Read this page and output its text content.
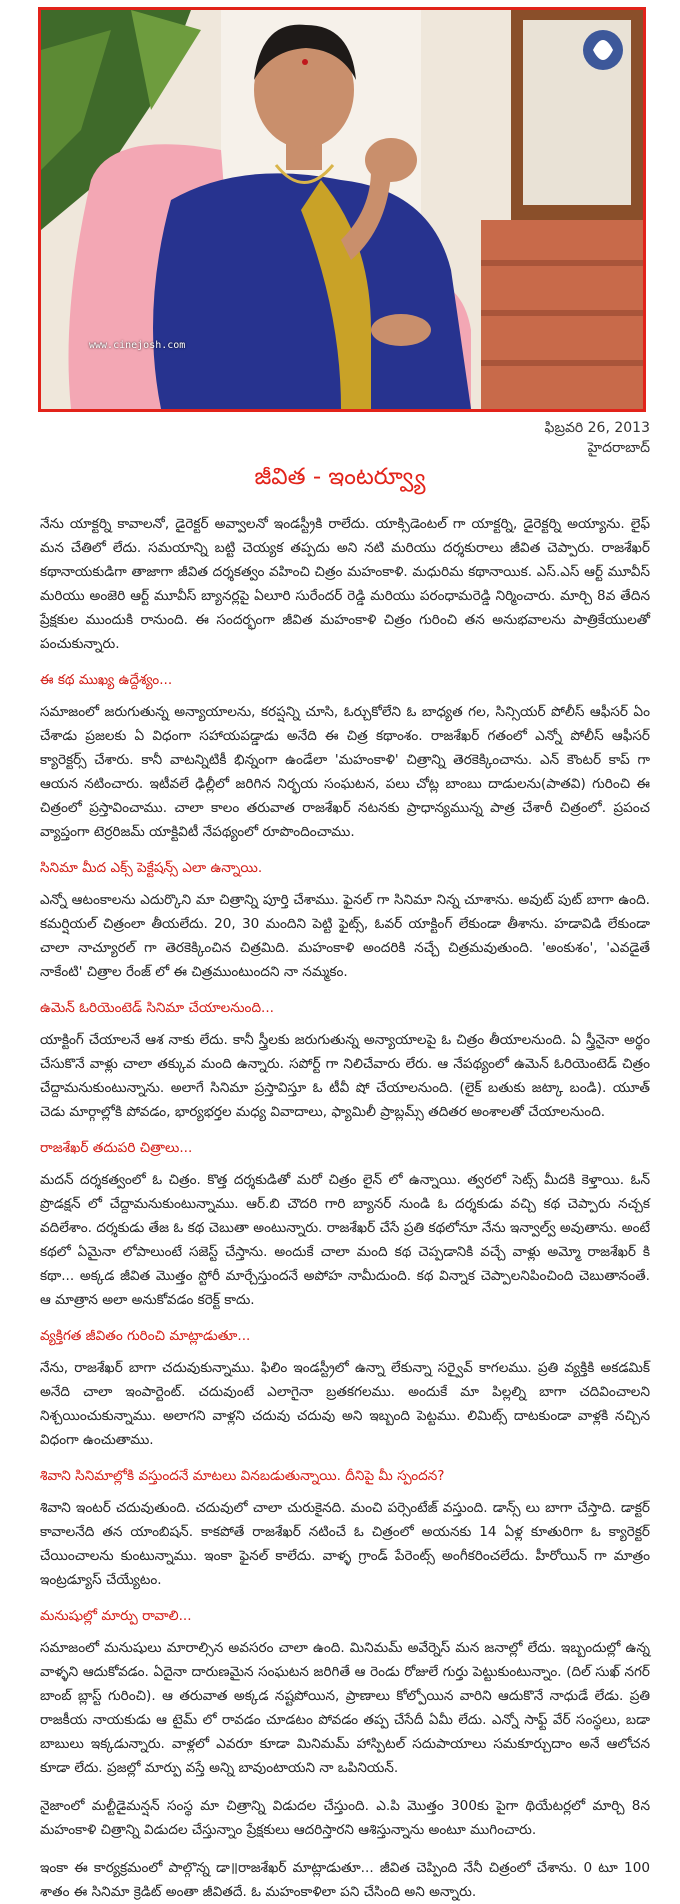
www.cinejosh.com
ఫిబ్రవరి 26, 2013
హైదరాబాద్
జీవిత - ఇంటర్వ్యూ

నేను యాక్టర్ని కావాలనో, డైరెక్టర్ అవ్వాలనో ఇండస్ట్రీకి రాలేదు. యాక్సిడెంటల్ గా యాక్టర్ని, డైరెక్టర్ని అయ్యాను. లైఫ్ మన చేతిలో లేదు. సమయాన్ని బట్టి చెయ్యక తప్పదు అని నటి మరియు దర్శకురాలు జీవిత చెప్పారు. రాజశేఖర్ కథానాయకుడిగా తాజాగా జీవిత దర్శకత్వం వహించి చిత్రం మహంకాళి. మధురిమ కథానాయిక. ఎస్.ఎస్ ఆర్ట్ మూవీస్ మరియు అంజెరి ఆర్ట్ మూవీస్ బ్యానర్లపై ఏలూరి సురేందర్ రెడ్డి మరియు పరంధామరెడ్డి నిర్మించారు. మార్చి 8వ తేదిన ప్రేక్షకుల ముందుకి రానుంది. ఈ సందర్భంగా జీవిత మహంకాళి చిత్రం గురించి తన అనుభవాలను పాత్రికేయులతో పంచుకున్నారు.

ఈ కథ ముఖ్య ఉద్దేశ్యం...

సమాజంలో జరుగుతున్న అన్యాయాలను, కరప్షన్ని చూసి, ఓర్చుకోలేని ఓ బాధ్యత గల, సిన్సియర్ పోలీస్ ఆఫీసర్ ఏం చేశాడు ప్రజలకు ఏ విధంగా సహాయపడ్డాడు అనేది ఈ చిత్ర కథాంశం. రాజశేఖర్ గతంలో ఎన్నో పోలీస్ ఆఫీసర్ క్యారెక్టర్స్ చేశారు. కానీ వాటన్నిటికీ భిన్నంగా ఉండేలా 'మహంకాళి' చిత్రాన్ని తెరకెక్కించాను. ఎన్ కౌంటర్ కాప్ గా ఆయన నటించారు. ఇటీవలే ఢిల్లీలో జరిగిన నిర్భయ సంఘటన, పలు చోట్ల బాంబు దాడులను(పాతవి) గురించి ఈ చిత్రంలో ప్రస్తావించాము. చాలా కాలం తరువాత రాజశేఖర్ నటనకు ప్రాధాన్యమున్న పాత్ర చేశారీ చిత్రంలో. ప్రపంచ వ్యాప్తంగా టెర్రరిజమ్ యాక్టివిటీ నేపథ్యంలో రూపొందించాము.

సినిమా మీద ఎక్స్ పెక్టేషన్స్ ఎలా ఉన్నాయి.

ఎన్నో ఆటంకాలను ఎదుర్కొని మా చిత్రాన్ని పూర్తి చేశాము. ఫైనల్ గా సినిమా నిన్న చూశాను. అవుట్ పుట్ బాగా ఉంది. కమర్షియల్ చిత్రంలా తీయలేదు. 20, 30 మందిని పెట్టి ఫైట్స్, ఓవర్ యాక్టింగ్ లేకుండా తీశాను. హడావిడి లేకుండా చాలా నాచ్యూరల్ గా తెరకెక్కించిన చిత్రమిది. మహంకాళి అందరికి నచ్చే చిత్రమవుతుంది. 'అంకుశం', 'ఎవడైతే నాకేంటి' చిత్రాల రేంజ్ లో ఈ చిత్రముంటుందని నా నమ్మకం.

ఉమెన్ ఓరియెంటెడ్ సినిమా చేయాలనుంది...

యాక్టింగ్ చేయాలనే ఆశ నాకు లేదు. కానీ స్త్రీలకు జరుగుతున్న అన్యాయాలపై ఓ చిత్రం తీయాలనుంది. ఏ స్త్రీనైనా అర్థం చేసుకొనే వాళ్లు చాలా తక్కువ మంది ఉన్నారు. సపోర్ట్ గా నిలిచేవారు లేరు. ఆ నేపథ్యంలో ఉమెన్ ఓరియెంటెడ్ చిత్రం చేద్దామనుకుంటున్నాను. అలాగే సినిమా ప్రస్తావిస్తూ ఓ టీవీ షో చేయాలనుంది. (లైక్ బతుకు జట్కా బండి). యూత్ చెడు మార్గాల్లోకి పోవడం, భార్యభర్తల మధ్య వివాదాలు, ఫ్యామిలీ ప్రాబ్లమ్స్ తదితర అంశాలతో చేయాలనుంది.

రాజశేఖర్ తదుపరి చిత్రాలు...

మదన్ దర్శకత్వంలో ఓ చిత్రం. కొత్త దర్శకుడితో మరో చిత్రం లైన్ లో ఉన్నాయి. త్వరలో సెట్స్ మీదకి కెళ్తాయి. ఓన్ ప్రొడక్షన్ లో చేద్దామనుకుంటున్నాము. ఆర్.బి చౌదరి గారి బ్యానర్ నుండి ఓ దర్శకుడు వచ్చి కథ చెప్పారు నచ్చక వదిలేశాం. దర్శకుడు తేజ ఓ కథ చెబుతా అంటున్నారు. రాజశేఖర్ చేసే ప్రతి కథలోనూ నేను ఇన్వాల్వ్ అవుతాను. అంటే కథలో ఏమైనా లోపాలుంటే సజెస్ట్ చేస్తాను. అందుకే చాలా మంది కథ చెప్పడానికి వచ్చే వాళ్లు అమ్మో రాజశేఖర్ కి కథా... అక్కడ జీవిత మొత్తం స్టోరీ మార్చేస్తుందనే అపోహ నామీదుంది. కథ విన్నాక చెప్పాలనిపించింది చెబుతానంతే. ఆ మాత్రాన అలా అనుకోవడం కరెక్ట్ కాదు.

వ్యక్తిగత జీవితం గురించి మాట్లాడుతూ...

నేను, రాజశేఖర్ బాగా చదువుకున్నాము. ఫిలిం ఇండస్ట్రీలో ఉన్నా లేకున్నా సర్వైవ్ కాగలము. ప్రతి వ్యక్తికి అకడమిక్ అనేది చాలా ఇంపార్టెంట్. చదువుంటే ఎలాగైనా బ్రతకగలము. అందుకే మా పిల్లల్ని బాగా చదివించాలని నిశ్చయించుకున్నాము. అలాగని వాళ్లని చదువు చదువు అని ఇబ్బంది పెట్టము. లిమిట్స్ దాటకుండా వాళ్లకి నచ్చిన విధంగా ఉంచుతాము.

శివాని సినిమాల్లోకి వస్తుందనే మాటలు వినబడుతున్నాయి. దీనిపై మీ స్పందన?

శివాని ఇంటర్ చదువుతుంది. చదువులో చాలా చురుకైనది. మంచి పర్సెంటేజ్ వస్తుంది. డాన్స్ లు బాగా చేస్తాది. డాక్టర్ కావాలనేది తన యాంబిషన్. కాకపోతే రాజశేఖర్ నటించే ఓ చిత్రంలో అయనకు 14 ఏళ్ల కూతురిగా ఓ క్యారెక్టర్ చేయించాలను కుంటున్నాము. ఇంకా ఫైనల్ కాలేదు. వాళ్ళ గ్రాండ్ పేరెంట్స్ అంగీకరించలేదు. హీరోయిన్ గా మాత్రం ఇంట్రడ్యూస్ చేయ్యేటం.

మనుషుల్లో మార్పు రావాలి...

సమాజంలో మనుషులు మారాల్సిన అవసరం చాలా ఉంది. మినిమమ్ అవేర్నెస్ మన జనాల్లో లేదు. ఇబ్బందుల్లో ఉన్న వాళ్ళని ఆదుకోవడం. ఏదైనా దారుణమైన సంఘటన జరిగితే ఆ రెండు రోజులే గుర్తు పెట్టుకుంటున్నాం. (దిల్ సుఖ్ నగర్ బాంబ్ బ్లాస్ట్ గురించి). ఆ తరువాత అక్కడ నష్టపోయిన, ప్రాణాలు కోల్పోయిన వారిని ఆదుకొనే నాధుడే లేడు. ప్రతి రాజకీయ నాయకుడు ఆ టైమ్ లో రావడం చూడటం పోవడం తప్ప చేసేదీ ఏమీ లేదు. ఎన్నో సాఫ్ట్ వేర్ సంస్థలు, బడా బాబులు ఇక్కడున్నారు. వాళ్లలో ఎవరూ కూడా మినిమమ్ హాస్పిటల్ సదుపాయాలు సమకూర్చుదాం అనే ఆలోచన కూడా లేదు. ప్రజల్లో మార్పు వస్తే అన్ని బావుంటాయని నా ఒపినియన్.

నైజాంలో మల్టీడైమన్షన్ సంస్థ మా చిత్రాన్ని విడుదల చేస్తుంది. ఎ.పి మొత్తం 300కు పైగా థియేటర్లలో మార్చి 8న మహంకాళి చిత్రాన్ని విడుదల చేస్తున్నాం ప్రేక్షకులు ఆదరిస్తారని ఆశిస్తున్నాను అంటూ ముగించారు.

ఇంకా ఈ కార్యక్రమంలో పాల్గొన్న డా॥రాజశేఖర్ మాట్లాడుతూ... జీవిత చెప్పింది నేనీ చిత్రంలో చేశాను. 0 టూ 100 శాతం ఈ సినిమా క్రెడిట్ అంతా జీవితదే. ఓ మహంకాళిలా పని చేసింది అని అన్నారు.
